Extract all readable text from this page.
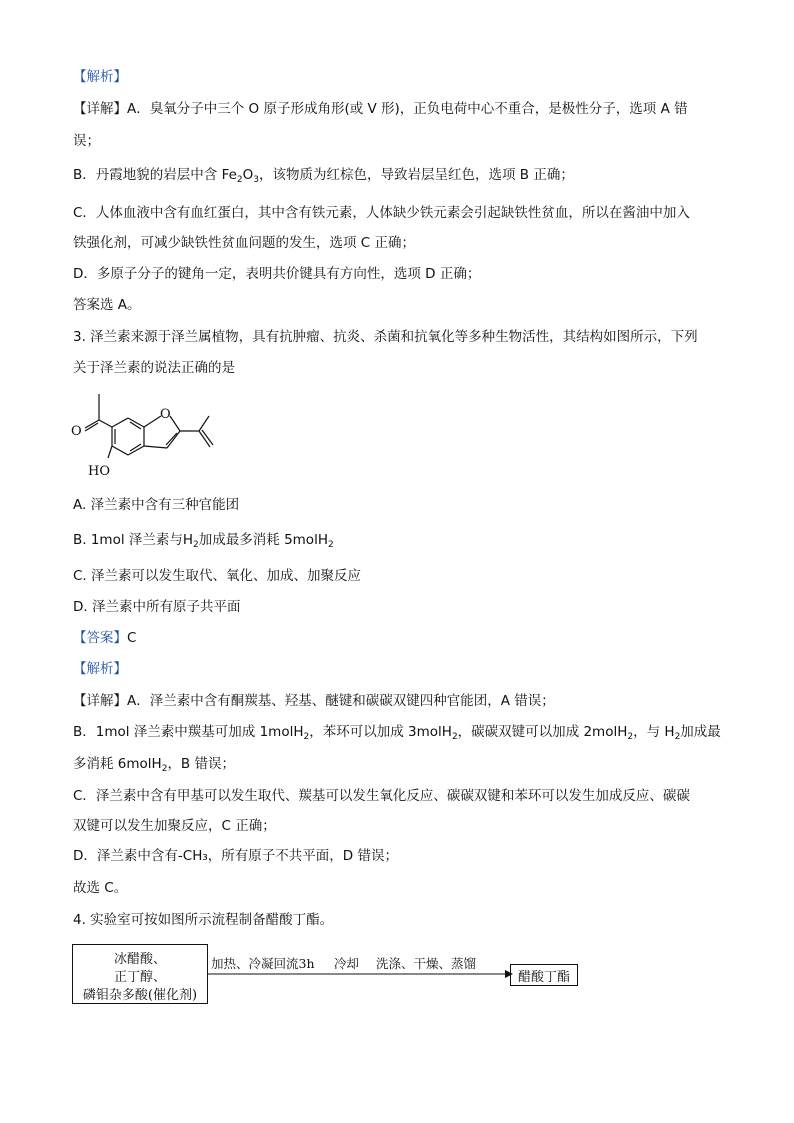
【解析】
【详解】A．臭氧分子中三个 O 原子形成角形(或 V 形)，正负电荷中心不重合，是极性分子，选项 A 错
误；
B．丹霞地貌的岩层中含 $Fe_2O_3$，该物质为红棕色，导致岩层呈红色，选项 B 正确；
C．人体血液中含有血红蛋白，其中含有铁元素，人体缺少铁元素会引起缺铁性贫血，所以在酱油中加入
铁强化剂，可减少缺铁性贫血问题的发生，选项 C 正确；
D．多原子分子的键角一定，表明共价键具有方向性，选项 D 正确；
答案选 A。
3. 泽兰素来源于泽兰属植物，具有抗肿瘤、抗炎、杀菌和抗氧化等多种生物活性，其结构如图所示，下列
关于泽兰素的说法正确的是
O
O
HO
A. 泽兰素中含有三种官能团
B. 1mol 泽兰素与$H_2$加成最多消耗 5molH$_2$
C. 泽兰素可以发生取代、氧化、加成、加聚反应
D. 泽兰素中所有原子共平面
【答案】C
【解析】
【详解】A．泽兰素中含有酮羰基、羟基、醚键和碳碳双键四种官能团，A 错误；
B．1mol 泽兰素中羰基可加成 1molH$_2$，苯环可以加成 3molH$_2$，碳碳双键可以加成 2molH$_2$，与 $H_2$加成最
多消耗 6molH$_2$，B 错误；
C．泽兰素中含有甲基可以发生取代、羰基可以发生氧化反应、碳碳双键和苯环可以发生加成反应、碳碳
双键可以发生加聚反应，C 正确；
D．泽兰素中含有-CH₃，所有原子不共平面，D 错误；
故选 C。
4. 实验室可按如图所示流程制备醋酸丁酯。
冰醋酸、
正丁醇、
磷钼杂多酸(催化剂)
加热、冷凝回流3h 冷却 洗涤、干燥、蒸馏
醋酸丁酯
